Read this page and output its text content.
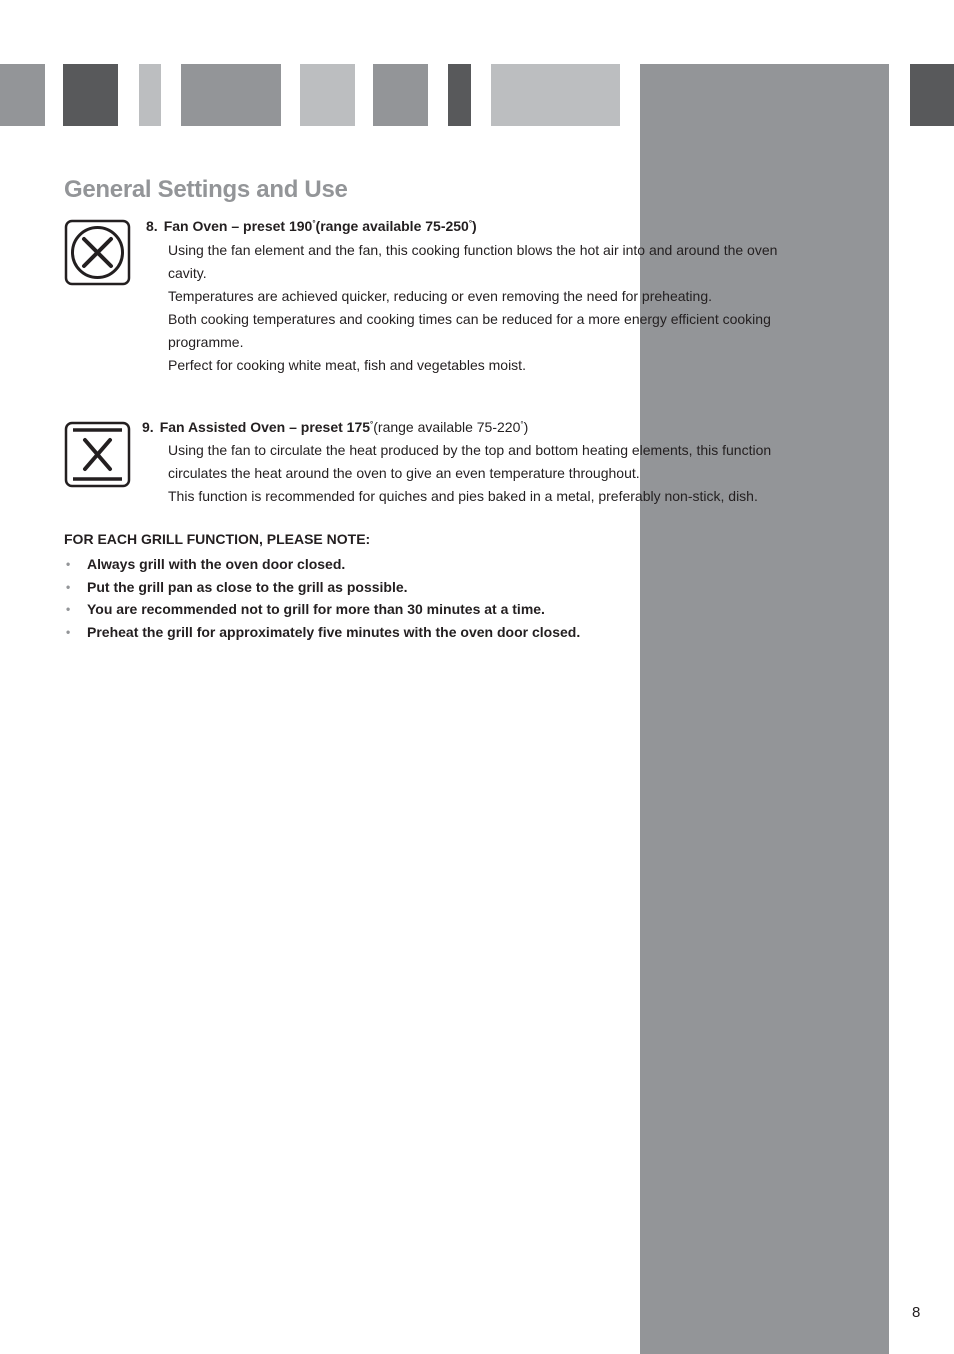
General Settings and Use
8. Fan Oven – preset 190°(range available 75-250°)

Using the fan element and the fan, this cooking function blows the hot air into and around the oven cavity.

Temperatures are achieved quicker, reducing or even removing the need for preheating.

Both cooking temperatures and cooking times can be reduced for a more energy efficient cooking programme.

Perfect for cooking white meat, fish and vegetables moist.

9. Fan Assisted Oven – preset 175°(range available 75-220°)

Using the fan to circulate the heat produced by the top and bottom heating elements, this function circulates the heat around the oven to give an even temperature throughout.

This function is recommended for quiches and pies baked in a metal, preferably non-stick, dish.

FOR EACH GRILL FUNCTION, PLEASE NOTE:

• Always grill with the oven door closed.
• Put the grill pan as close to the grill as possible.
• You are recommended not to grill for more than 30 minutes at a time.
• Preheat the grill for approximately five minutes with the oven door closed.
8
